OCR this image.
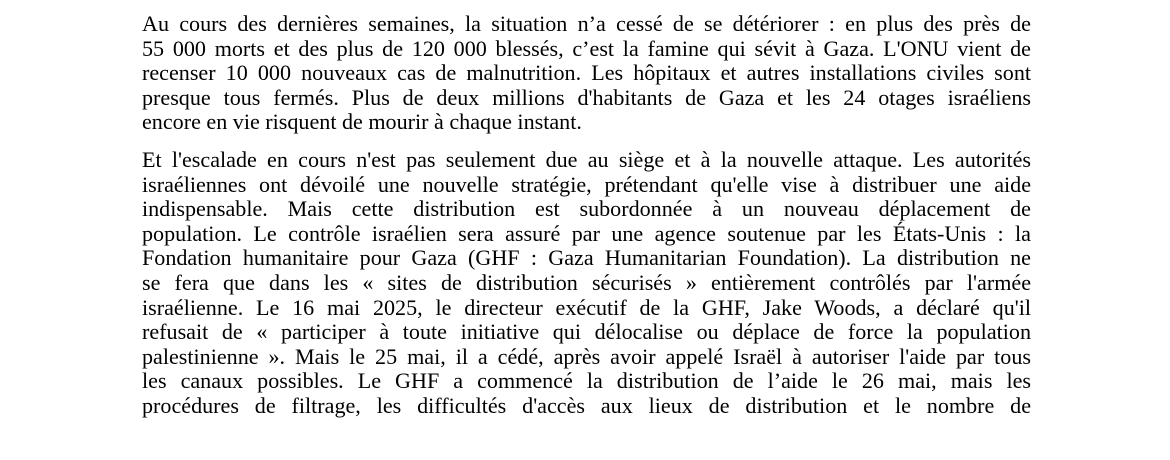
Au cours des dernières semaines, la situation n’a cessé de se détériorer : en plus des près de
55 000 morts et des plus de 120 000 blessés, c’est la famine qui sévit à Gaza. L'ONU vient de
recenser 10 000 nouveaux cas de malnutrition. Les hôpitaux et autres installations civiles sont
presque tous fermés. Plus de deux millions d'habitants de Gaza et les 24 otages israéliens
encore en vie risquent de mourir à chaque instant.

Et l'escalade en cours n'est pas seulement due au siège et à la nouvelle attaque. Les autorités
israéliennes ont dévoilé une nouvelle stratégie, prétendant qu'elle vise à distribuer une aide
indispensable. Mais cette distribution est subordonnée à un nouveau déplacement de
population. Le contrôle israélien sera assuré par une agence soutenue par les États-Unis : la
Fondation humanitaire pour Gaza (GHF : Gaza Humanitarian Foundation). La distribution ne
se fera que dans les « sites de distribution sécurisés » entièrement contrôlés par l'armée
israélienne. Le 16 mai 2025, le directeur exécutif de la GHF, Jake Woods, a déclaré qu'il
refusait de « participer à toute initiative qui délocalise ou déplace de force la population
palestinienne ». Mais le 25 mai, il a cédé, après avoir appelé Israël à autoriser l'aide par tous
les canaux possibles. Le GHF a commencé la distribution de l’aide le 26 mai, mais les
procédures de filtrage, les difficultés d'accès aux lieux de distribution et le nombre de
